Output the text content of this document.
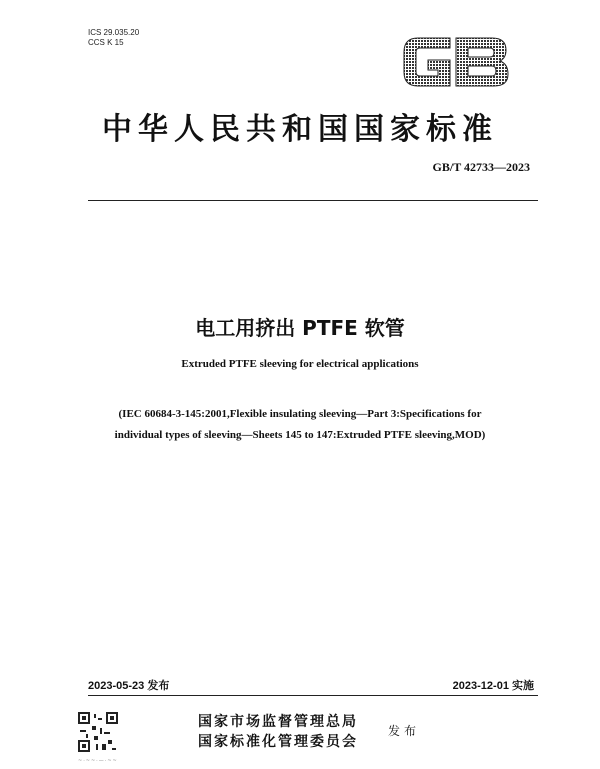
ICS 29.035.20
CCS K 15
中华人民共和国国家标准
GB/T 42733—2023
电工用挤出 PTFE 软管
Extruded PTFE sleeving for electrical applications
(IEC 60684-3-145:2001,Flexible insulating sleeving—Part 3:Specifications for
individual types of sleeving—Sheets 145 to 147:Extruded PTFE sleeving,MOD)
2023-05-23 发布	2023-12-01 实施
~·~~·—·~~
国家市场监督管理总局
国家标准化管理委员会
发布
